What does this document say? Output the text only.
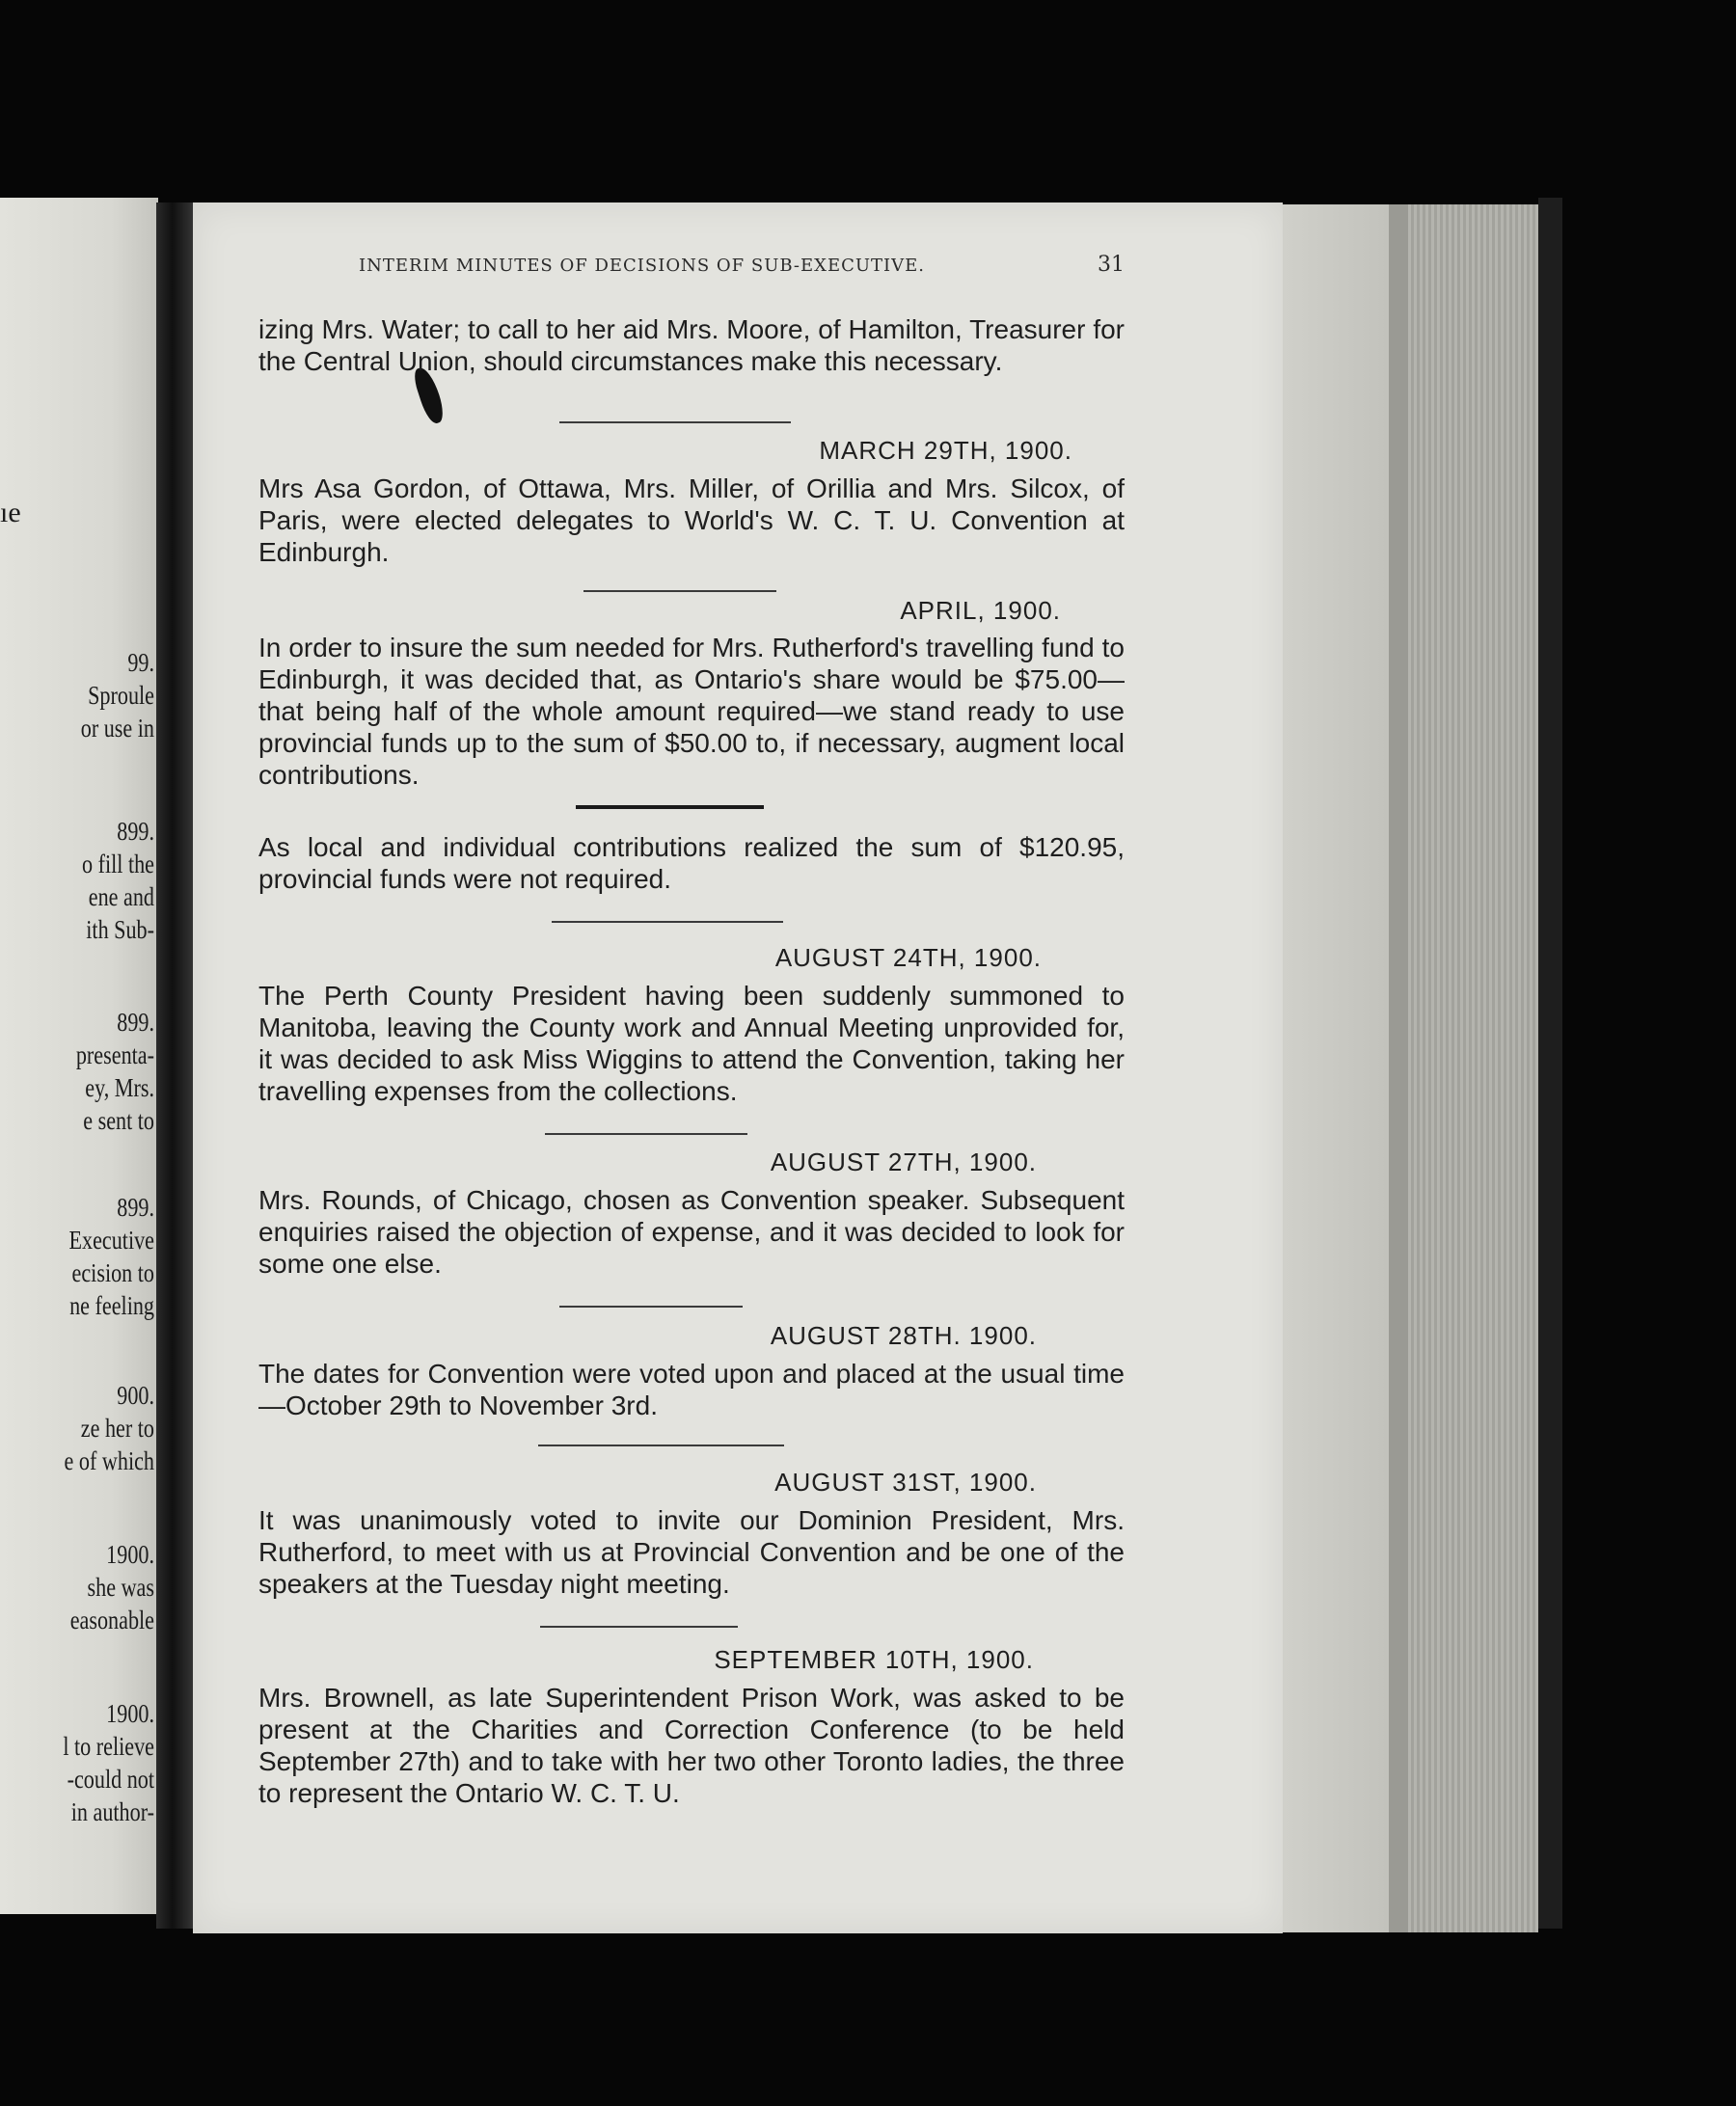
ıe

99.

Sproule

or use in

899.

o fill the

ene and

ith Sub-

899.

presenta-

ey, Mrs.

e sent to

899.

Executive

ecision to

ne feeling

900.

ze her to

e of which

1900.

she was

easonable

1900.

l to relieve

-could not

in author-

INTERIM MINUTES OF DECISIONS OF SUB-EXECUTIVE.	31

izing Mrs. Water; to call to her aid Mrs. Moore, of Hamilton, Treasurer for the Central Union, should circumstances make this necessary.

MARCH 29TH, 1900.

Mrs Asa Gordon, of Ottawa, Mrs. Miller, of Orillia and Mrs. Silcox, of Paris, were elected delegates to World's W. C. T. U. Convention at Edinburgh.

APRIL, 1900.

In order to insure the sum needed for Mrs. Rutherford's travelling fund to Edinburgh, it was decided that, as Ontario's share would be $75.00—that being half of the whole amount required—we stand ready to use provincial funds up to the sum of $50.00 to, if necessary, augment local contributions.

As local and individual contributions realized the sum of $120.95, provincial funds were not required.

AUGUST 24TH, 1900.

The Perth County President having been suddenly summoned to Manitoba, leaving the County work and Annual Meeting unprovided for, it was decided to ask Miss Wiggins to attend the Convention, taking her travelling expenses from the collections.

AUGUST 27TH, 1900.

Mrs. Rounds, of Chicago, chosen as Convention speaker. Subsequent enquiries raised the objection of expense, and it was decided to look for some one else.

AUGUST 28TH. 1900.

The dates for Convention were voted upon and placed at the usual time—October 29th to November 3rd.

AUGUST 31ST, 1900.

It was unanimously voted to invite our Dominion President, Mrs. Rutherford, to meet with us at Provincial Convention and be one of the speakers at the Tuesday night meeting.

SEPTEMBER 10TH, 1900.

Mrs. Brownell, as late Superintendent Prison Work, was asked to be present at the Charities and Correction Conference (to be held September 27th) and to take with her two other Toronto ladies, the three to represent the Ontario W. C. T. U.
